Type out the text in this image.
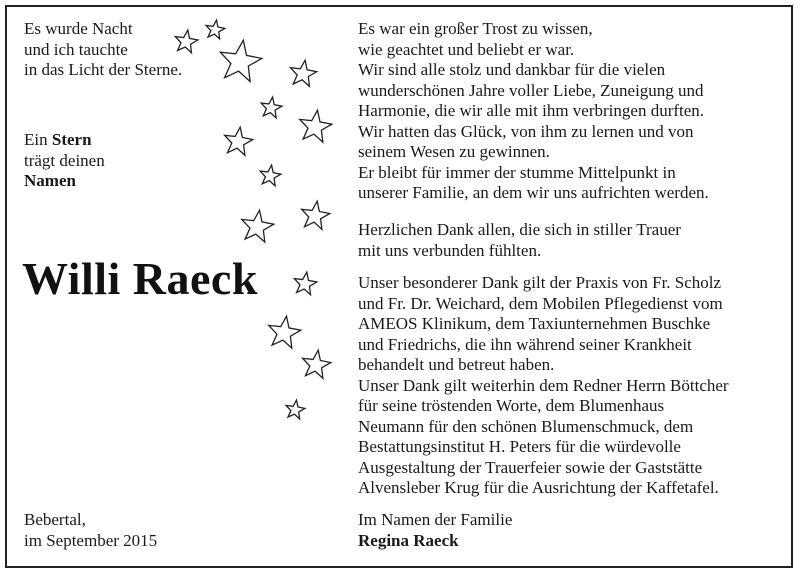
Es wurde Nacht
und ich tauchte
in das Licht der Sterne.
Ein Stern
trägt deinen
Namen
Willi Raeck
Bebertal,
im September 2015
Es war ein großer Trost zu wissen,
wie geachtet und beliebt er war.
Wir sind alle stolz und dankbar für die vielen
wunderschönen Jahre voller Liebe, Zuneigung und
Harmonie, die wir alle mit ihm verbringen durften.
Wir hatten das Glück, von ihm zu lernen und von
seinem Wesen zu gewinnen.
Er bleibt für immer der stumme Mittelpunkt in
unserer Familie, an dem wir uns aufrichten werden.
Herzlichen Dank allen, die sich in stiller Trauer
mit uns verbunden fühlten.
Unser besonderer Dank gilt der Praxis von Fr. Scholz
und Fr. Dr. Weichard, dem Mobilen Pflegedienst vom
AMEOS Klinikum, dem Taxiunternehmen Buschke
und Friedrichs, die ihn während seiner Krankheit
behandelt und betreut haben.
Unser Dank gilt weiterhin dem Redner Herrn Böttcher
für seine tröstenden Worte, dem Blumenhaus
Neumann für den schönen Blumenschmuck, dem
Bestattungsinstitut H. Peters für die würdevolle
Ausgestaltung der Trauerfeier sowie der Gaststätte
Alvensleber Krug für die Ausrichtung der Kaffetafel.
Im Namen der Familie
Regina Raeck
